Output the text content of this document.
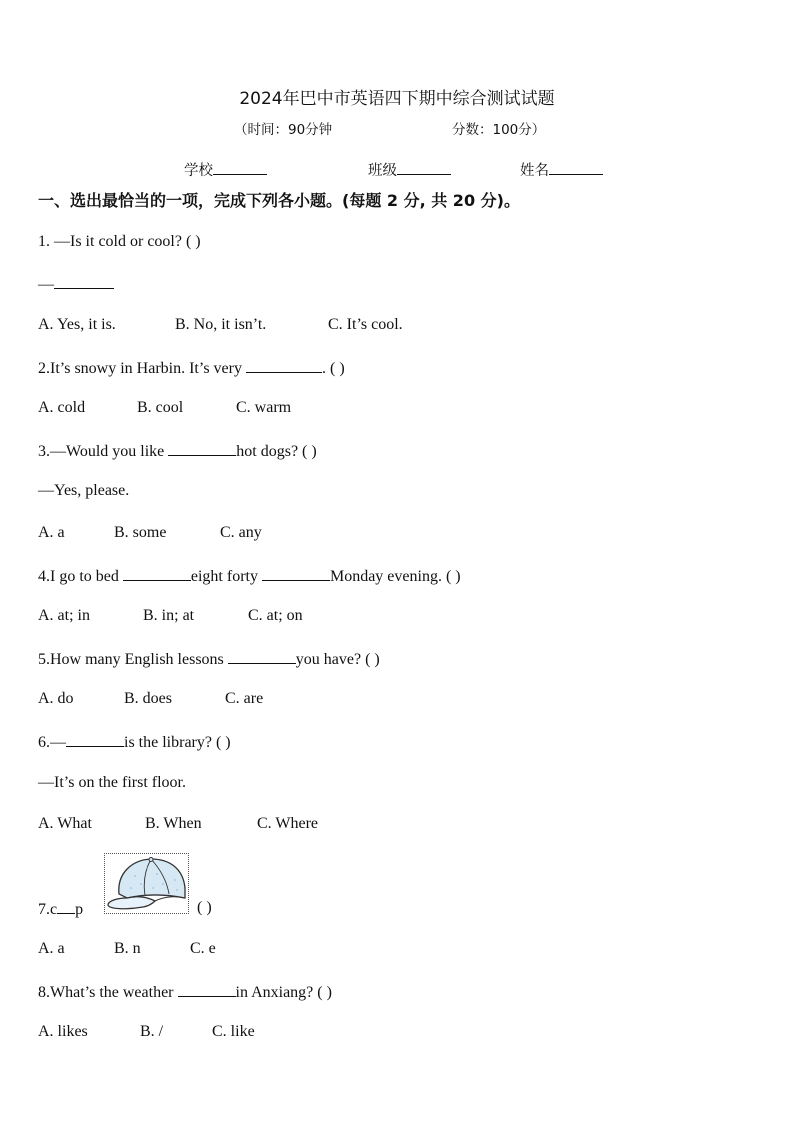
2024年巴中市英语四下期中综合测试试题
（时间：90分钟	分数：100分）
学校	班级	姓名
一、选出最恰当的一项，完成下列各小题。(每题 2 分, 共 20 分)。
1. —Is it cold or cool? ( )
—
A. Yes, it is.	B. No, it isn’t.	C. It’s cool.
2.It’s snowy in Harbin. It’s very	. ( )
A. cold	B. cool	C. warm
3.—Would you like	hot dogs? ( )
—Yes, please.
A. a	B. some	C. any
4.I go to bed	eight forty	Monday evening. ( )
A. at; in	B. in; at	C. at; on
5.How many English lessons	you have? ( )
A. do	B. does	C. are
6.—	is the library? ( )
—It’s on the first floor.
A. What	B. When	C. Where
7.c p	( )
A. a	B. n	C. e
8.What’s the weather	in Anxiang? ( )
A. likes	B. /	C. like
